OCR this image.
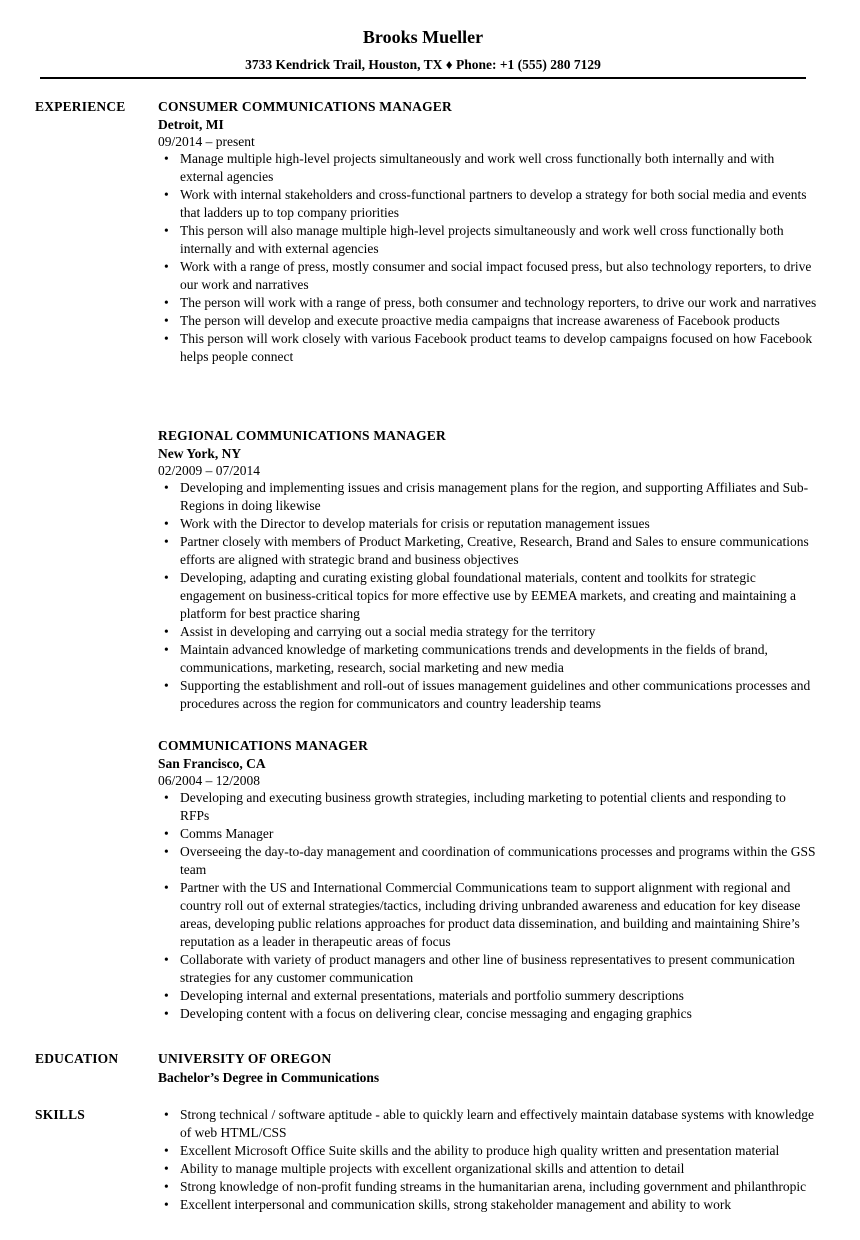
Brooks Mueller
3733 Kendrick Trail, Houston, TX ♦ Phone: +1 (555) 280 7129
EXPERIENCE CONSUMER COMMUNICATIONS MANAGER
Detroit, MI
09/2014 – present
• Manage multiple high-level projects simultaneously and work well cross functionally both internally and with external agencies
• Work with internal stakeholders and cross-functional partners to develop a strategy for both social media and events that ladders up to top company priorities
• This person will also manage multiple high-level projects simultaneously and work well cross functionally both internally and with external agencies
• Work with a range of press, mostly consumer and social impact focused press, but also technology reporters, to drive our work and narratives
• The person will work with a range of press, both consumer and technology reporters, to drive our work and narratives
• The person will develop and execute proactive media campaigns that increase awareness of Facebook products
• This person will work closely with various Facebook product teams to develop campaigns focused on how Facebook helps people connect
REGIONAL COMMUNICATIONS MANAGER
New York, NY
02/2009 – 07/2014
• Developing and implementing issues and crisis management plans for the region, and supporting Affiliates and Sub-Regions in doing likewise
• Work with the Director to develop materials for crisis or reputation management issues
• Partner closely with members of Product Marketing, Creative, Research, Brand and Sales to ensure communications efforts are aligned with strategic brand and business objectives
• Developing, adapting and curating existing global foundational materials, content and toolkits for strategic engagement on business-critical topics for more effective use by EEMEA markets, and creating and maintaining a platform for best practice sharing
• Assist in developing and carrying out a social media strategy for the territory
• Maintain advanced knowledge of marketing communications trends and developments in the fields of brand, communications, marketing, research, social marketing and new media
• Supporting the establishment and roll-out of issues management guidelines and other communications processes and procedures across the region for communicators and country leadership teams
COMMUNICATIONS MANAGER
San Francisco, CA
06/2004 – 12/2008
• Developing and executing business growth strategies, including marketing to potential clients and responding to RFPs
• Comms Manager
• Overseeing the day-to-day management and coordination of communications processes and programs within the GSS team
• Partner with the US and International Commercial Communications team to support alignment with regional and country roll out of external strategies/tactics, including driving unbranded awareness and education for key disease areas, developing public relations approaches for product data dissemination, and building and maintaining Shire’s reputation as a leader in therapeutic areas of focus
• Collaborate with variety of product managers and other line of business representatives to present communication strategies for any customer communication
• Developing internal and external presentations, materials and portfolio summery descriptions
• Developing content with a focus on delivering clear, concise messaging and engaging graphics
EDUCATION	UNIVERSITY OF OREGON
Bachelor’s Degree in Communications
SKILLS
•	Strong technical / software aptitude - able to quickly learn and effectively maintain database systems with knowledge of web HTML/CSS
• Excellent Microsoft Office Suite skills and the ability to produce high quality written and presentation material
• Ability to manage multiple projects with excellent organizational skills and attention to detail
• Strong knowledge of non-profit funding streams in the humanitarian arena, including government and philanthropic
• Excellent interpersonal and communication skills, strong stakeholder management and ability to work
